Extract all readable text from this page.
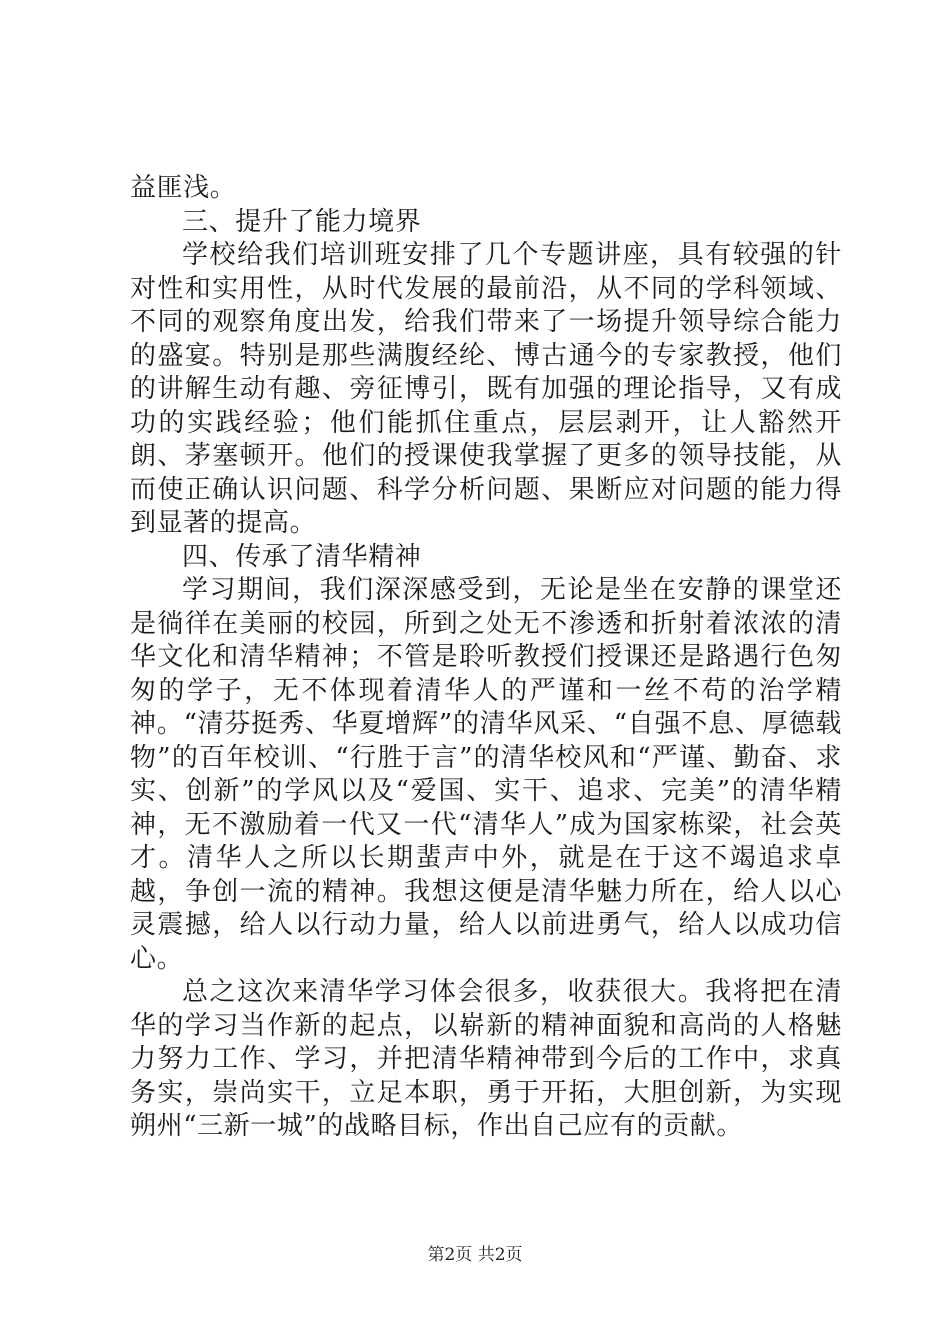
益匪浅。

三、提升了能力境界

学校给我们培训班安排了几个专题讲座，具有较强的针对性和实用性，从时代发展的最前沿，从不同的学科领域、不同的观察角度出发，给我们带来了一场提升领导综合能力的盛宴。特别是那些满腹经纶、博古通今的专家教授，他们的讲解生动有趣、旁征博引，既有加强的理论指导，又有成功的实践经验；他们能抓住重点，层层剥开，让人豁然开朗、茅塞顿开。他们的授课使我掌握了更多的领导技能，从而使正确认识问题、科学分析问题、果断应对问题的能力得到显著的提高。

四、传承了清华精神

学习期间，我们深深感受到，无论是坐在安静的课堂还是徜徉在美丽的校园，所到之处无不渗透和折射着浓浓的清华文化和清华精神；不管是聆听教授们授课还是路遇行色匆匆的学子，无不体现着清华人的严谨和一丝不苟的治学精神。“清芬挺秀、华夏增辉”的清华风采、“自强不息、厚德载物”的百年校训、“行胜于言”的清华校风和“严谨、勤奋、求实、创新”的学风以及“爱国、实干、追求、完美”的清华精神，无不激励着一代又一代“清华人”成为国家栋梁，社会英才。清华人之所以长期蜚声中外，就是在于这不竭追求卓越，争创一流的精神。我想这便是清华魅力所在，给人以心灵震撼，给人以行动力量，给人以前进勇气，给人以成功信心。

总之这次来清华学习体会很多，收获很大。我将把在清华的学习当作新的起点，以崭新的精神面貌和高尚的人格魅力努力工作、学习，并把清华精神带到今后的工作中，求真务实，崇尚实干，立足本职，勇于开拓，大胆创新，为实现朔州“三新一城”的战略目标，作出自己应有的贡献。

第2页 共2页
